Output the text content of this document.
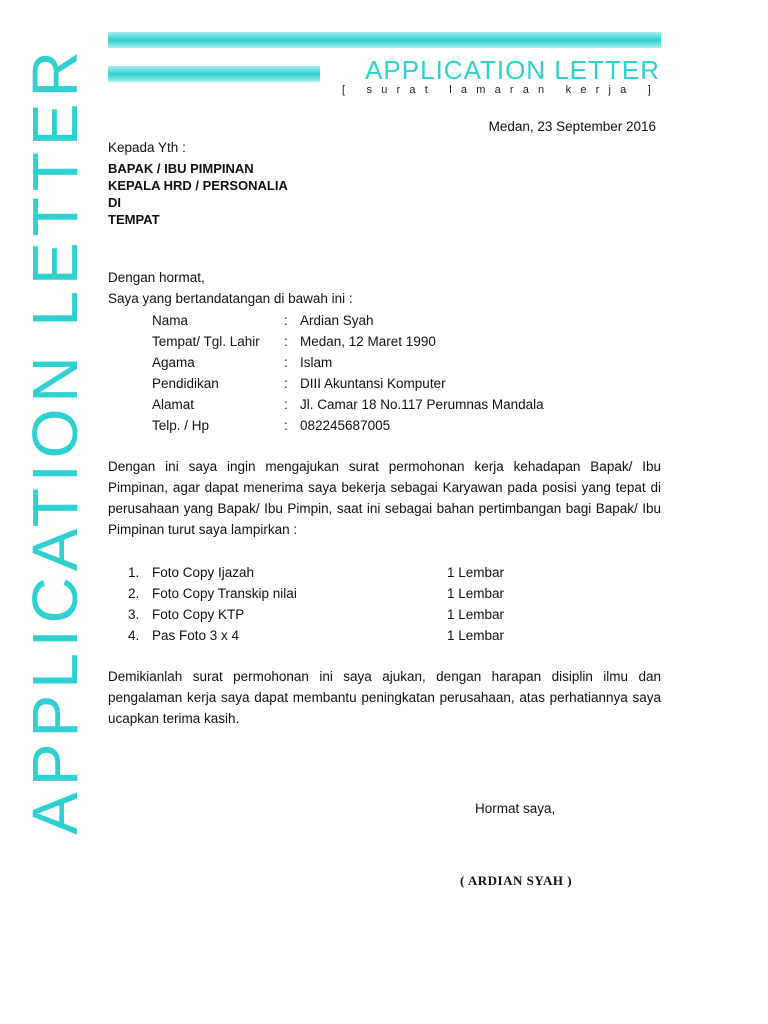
APPLICATION LETTER	APPLICATION LETTER
[ surat lamaran kerja ]
Medan, 23 September 2016
Kepada Yth :
BAPAK / IBU PIMPINAN
KEPALA HRD / PERSONALIA
DI
TEMPAT
Dengan hormat,
Saya yang bertandatangan di bawah ini :
Nama	: Ardian Syah
Tempat/ Tgl. Lahir	: Medan, 12 Maret 1990
Agama	: Islam
Pendidikan	: DIII Akuntansi Komputer
Alamat	: Jl. Camar 18 No.117 Perumnas Mandala
Telp. / Hp	: 082245687005
Dengan ini saya ingin mengajukan surat permohonan kerja kehadapan Bapak/ Ibu Pimpinan, agar dapat menerima saya bekerja sebagai Karyawan pada posisi yang tepat di perusahaan yang Bapak/ Ibu Pimpin, saat ini sebagai bahan pertimbangan bagi Bapak/ Ibu Pimpinan turut saya lampirkan :
1. Foto Copy Ijazah	1 Lembar
2. Foto Copy Transkip nilai	1 Lembar
3. Foto Copy KTP	1 Lembar
4. Pas Foto 3 x 4	1 Lembar
Demikianlah surat permohonan ini saya ajukan, dengan harapan disiplin ilmu dan pengalaman kerja saya dapat membantu peningkatan perusahaan, atas perhatiannya saya ucapkan terima kasih.
Hormat saya,
( ARDIAN SYAH )
